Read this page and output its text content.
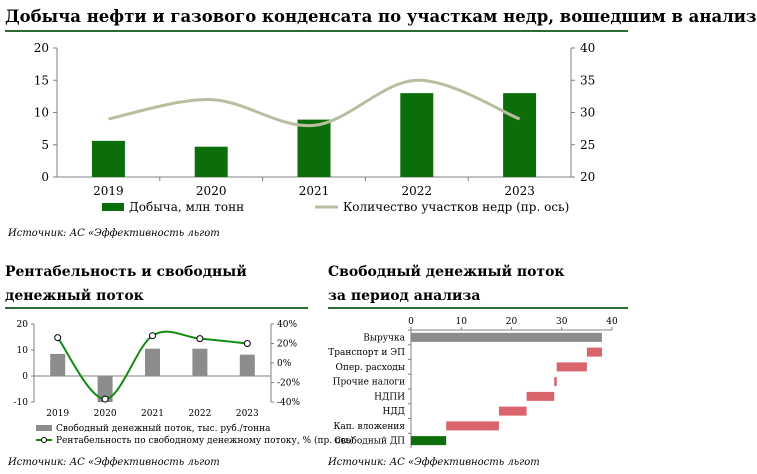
Добыча нефти и газового конденсата по участкам недр, вошедшим в анализ
0
5
10
15
20
20
25
30
35
40
2019	2020	2021	2022	2023
Добыча, млн тонн	Количество участков недр (пр. ось)
Источник: АС «Эффективность льгот
Рентабельность и свободный
денежный поток
-10
0
10
20
-40%
-20%
0%
20%
40%
2019	2020	2021	2022	2023
Свободный денежный поток, тыс. руб./тонна
Рентабельность по свободному денежному потоку, % (пр. ось)
Источник: АС «Эффективность льгот
Свободный денежный поток
за период анализа
0	10	20	30	40
Выручка
Транспорт и ЭП
Опер. расходы
Прочие налоги
НДПИ
НДД
Кап. вложения
Свободный ДП
Источник: АС «Эффективность льгот
